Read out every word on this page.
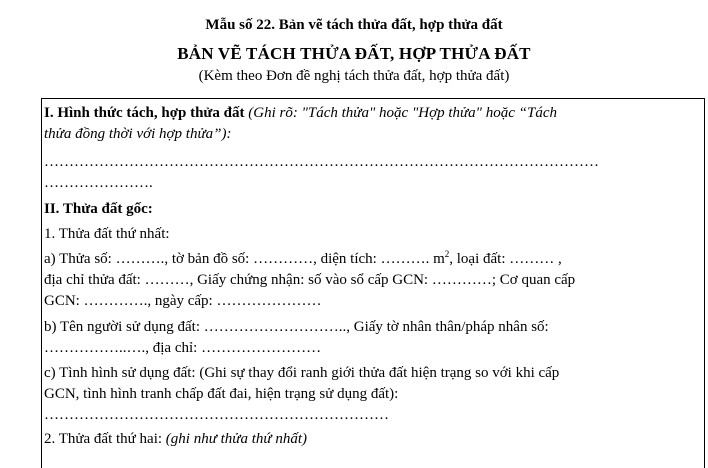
Mẫu số 22. Bản vẽ tách thửa đất, hợp thửa đất
BẢN VẼ TÁCH THỬA ĐẤT, HỢP THỬA ĐẤT
(Kèm theo Đơn đề nghị tách thửa đất, hợp thửa đất)
I. Hình thức tách, hợp thửa đất (Ghi rõ: "Tách thửa" hoặc "Hợp thửa" hoặc “Tách
thửa đồng thời với hợp thửa”):
…………………………………………………………………………………………………
………………….
II. Thửa đất gốc:
1. Thửa đất thứ nhất:
a) Thửa số: ………., tờ bản đồ số: …………, diện tích: ………. $m^2$, loại đất: ……… ,
địa chỉ thửa đất: ………, Giấy chứng nhận: số vào sổ cấp GCN: …………; Cơ quan cấp
GCN: …………., ngày cấp: …………………
b) Tên người sử dụng đất: ……………………….., Giấy tờ nhân thân/pháp nhân số:
……………..…., địa chỉ: ……………………
c) Tình hình sử dụng đất: (Ghi sự thay đổi ranh giới thửa đất hiện trạng so với khi cấp
GCN, tình hình tranh chấp đất đai, hiện trạng sử dụng đất):
……………………………………………………………
2. Thửa đất thứ hai: (ghi như thửa thứ nhất)
